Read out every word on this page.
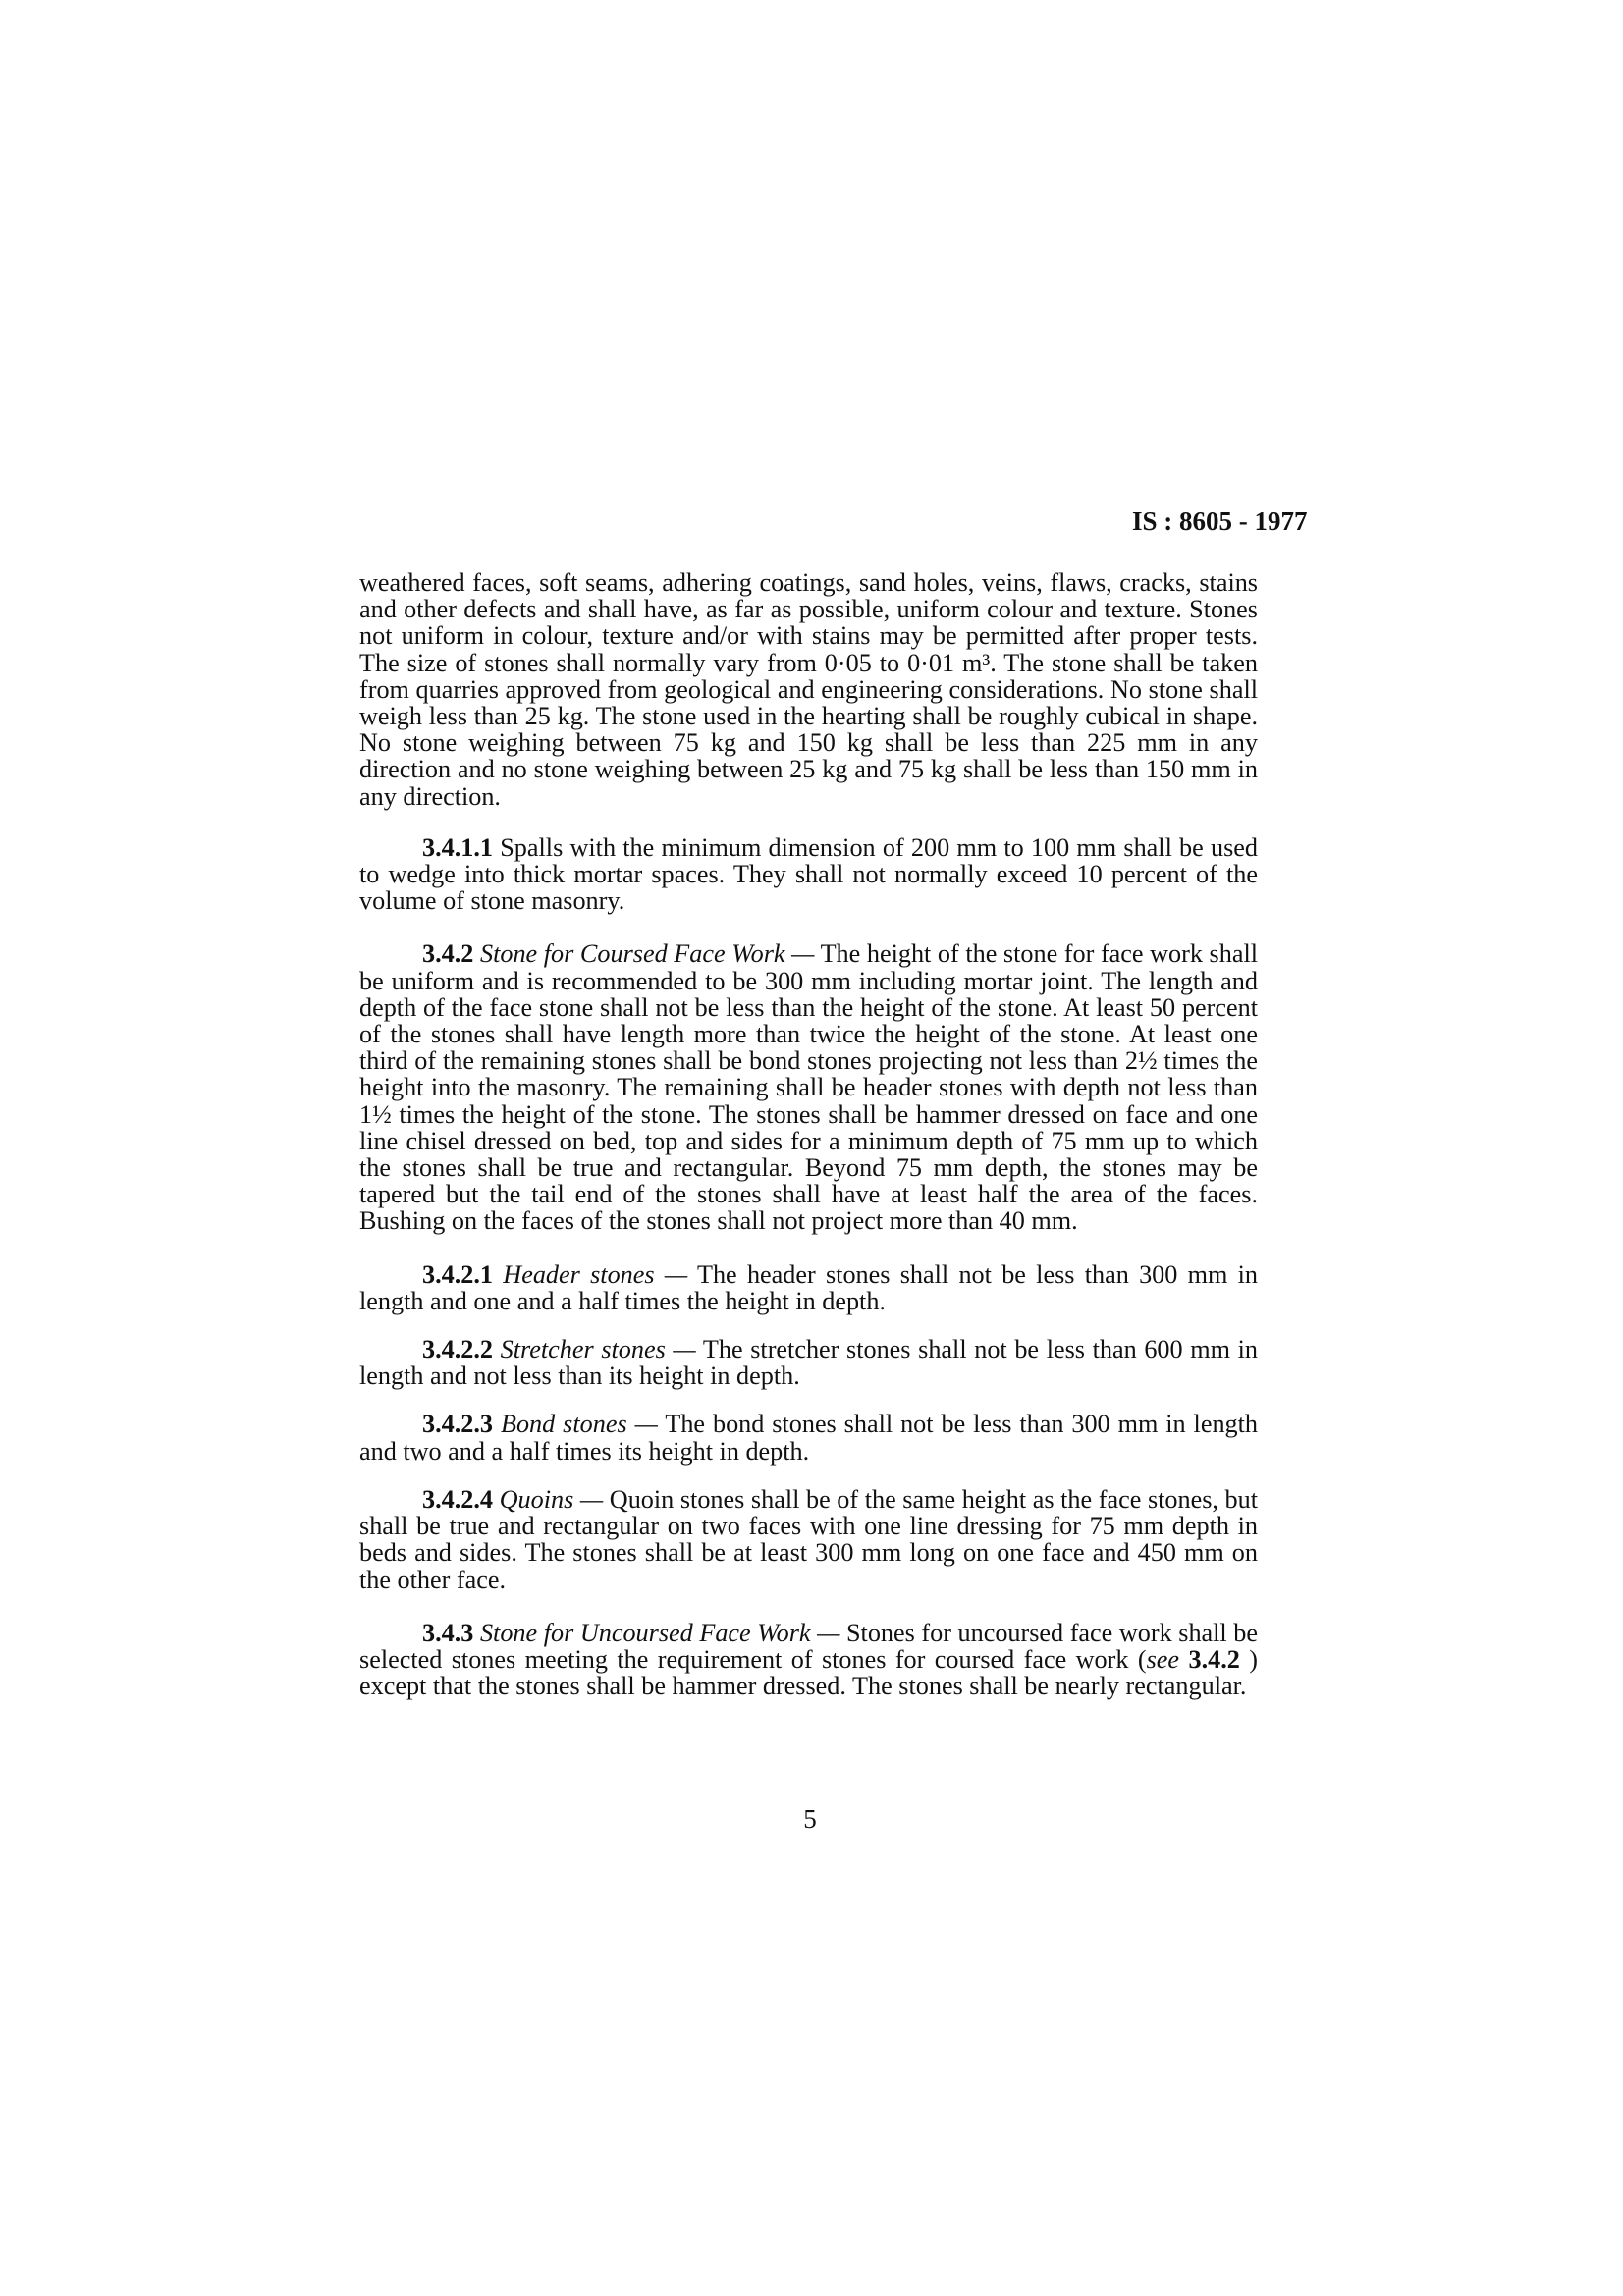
IS : 8605 - 1977

weathered faces, soft seams, adhering coatings, sand holes, veins, flaws, cracks, stains and other defects and shall have, as far as possible, uniform colour and texture. Stones not uniform in colour, texture and/or with stains may be permitted after proper tests. The size of stones shall normally vary from 0·05 to 0·01 m³. The stone shall be taken from quarries approved from geological and engineering considerations. No stone shall weigh less than 25 kg. The stone used in the hearting shall be roughly cubical in shape. No stone weighing between 75 kg and 150 kg shall be less than 225 mm in any direction and no stone weighing between 25 kg and 75 kg shall be less than 150 mm in any direction.

3.4.1.1 Spalls with the minimum dimension of 200 mm to 100 mm shall be used to wedge into thick mortar spaces. They shall not normally exceed 10 percent of the volume of stone masonry.

3.4.2 Stone for Coursed Face Work — The height of the stone for face work shall be uniform and is recommended to be 300 mm including mortar joint. The length and depth of the face stone shall not be less than the height of the stone. At least 50 percent of the stones shall have length more than twice the height of the stone. At least one third of the remaining stones shall be bond stones projecting not less than 2½ times the height into the masonry. The remaining shall be header stones with depth not less than 1½ times the height of the stone. The stones shall be hammer dressed on face and one line chisel dressed on bed, top and sides for a minimum depth of 75 mm up to which the stones shall be true and rectangular. Beyond 75 mm depth, the stones may be tapered but the tail end of the stones shall have at least half the area of the faces. Bushing on the faces of the stones shall not project more than 40 mm.

3.4.2.1 Header stones — The header stones shall not be less than 300 mm in length and one and a half times the height in depth.

3.4.2.2 Stretcher stones — The stretcher stones shall not be less than 600 mm in length and not less than its height in depth.

3.4.2.3 Bond stones — The bond stones shall not be less than 300 mm in length and two and a half times its height in depth.

3.4.2.4 Quoins — Quoin stones shall be of the same height as the face stones, but shall be true and rectangular on two faces with one line dressing for 75 mm depth in beds and sides. The stones shall be at least 300 mm long on one face and 450 mm on the other face.

3.4.3 Stone for Uncoursed Face Work — Stones for uncoursed face work shall be selected stones meeting the requirement of stones for coursed face work (see 3.4.2 ) except that the stones shall be hammer dressed. The stones shall be nearly rectangular.

5
